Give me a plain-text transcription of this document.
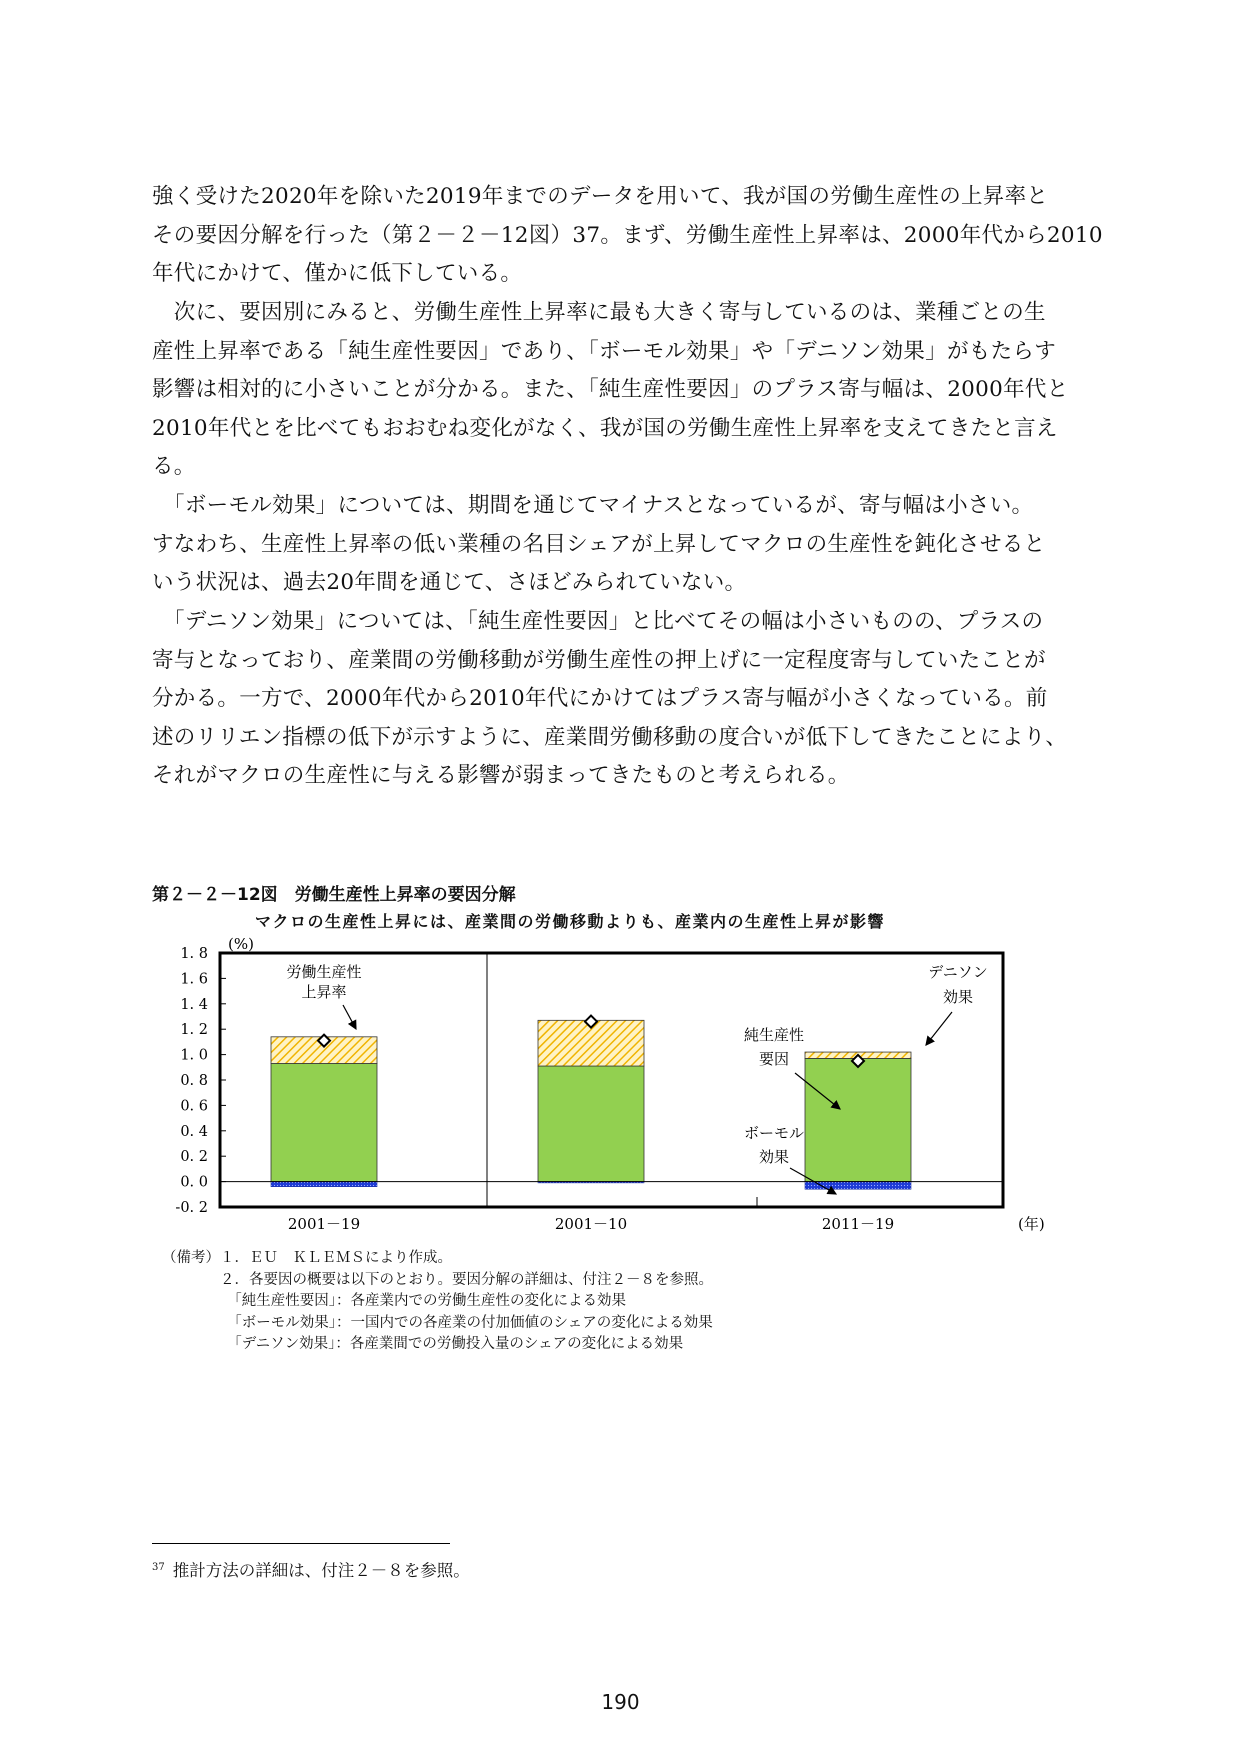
強く受けた2020年を除いた2019年までのデータを用いて、我が国の労働生産性の上昇率と
その要因分解を行った（第２－２－12図）37。まず、労働生産性上昇率は、2000年代から2010
年代にかけて、僅かに低下している。
　次に、要因別にみると、労働生産性上昇率に最も大きく寄与しているのは、業種ごとの生
産性上昇率である「純生産性要因」であり、「ボーモル効果」や「デニソン効果」がもたらす
影響は相対的に小さいことが分かる。また、「純生産性要因」のプラス寄与幅は、2000年代と
2010年代とを比べてもおおむね変化がなく、我が国の労働生産性上昇率を支えてきたと言え
る。
　「ボーモル効果」については、期間を通じてマイナスとなっているが、寄与幅は小さい。
すなわち、生産性上昇率の低い業種の名目シェアが上昇してマクロの生産性を鈍化させると
いう状況は、過去20年間を通じて、さほどみられていない。
　「デニソン効果」については、「純生産性要因」と比べてその幅は小さいものの、プラスの
寄与となっており、産業間の労働移動が労働生産性の押上げに一定程度寄与していたことが
分かる。一方で、2000年代から2010年代にかけてはプラス寄与幅が小さくなっている。前
述のリリエン指標の低下が示すように、産業間労働移動の度合いが低下してきたことにより、
それがマクロの生産性に与える影響が弱まってきたものと考えられる。
第２－２－12図　労働生産性上昇率の要因分解
マクロの生産性上昇には、産業間の労働移動よりも、産業内の生産性上昇が影響
(%)
1. 8
1. 6
1. 4
1. 2
1. 0
0. 8
0. 6
0. 4
0. 2
0. 0
-0. 2
2001－19	2001－10	2011－19	(年)
労働生産性
上昇率
デニソン
効果
純生産性
要因
ボーモル
効果
（備考）１．ＥＵ　ＫＬＥＭＳにより作成。
　　　　２．各要因の概要は以下のとおり。要因分解の詳細は、付注２－８を参照。
　　　　　「純生産性要因」：各産業内での労働生産性の変化による効果
　　　　　「ボーモル効果」：一国内での各産業の付加価値のシェアの変化による効果
　　　　　「デニソン効果」：各産業間での労働投入量のシェアの変化による効果
$^{37}$ 推計方法の詳細は、付注２－８を参照。
190
